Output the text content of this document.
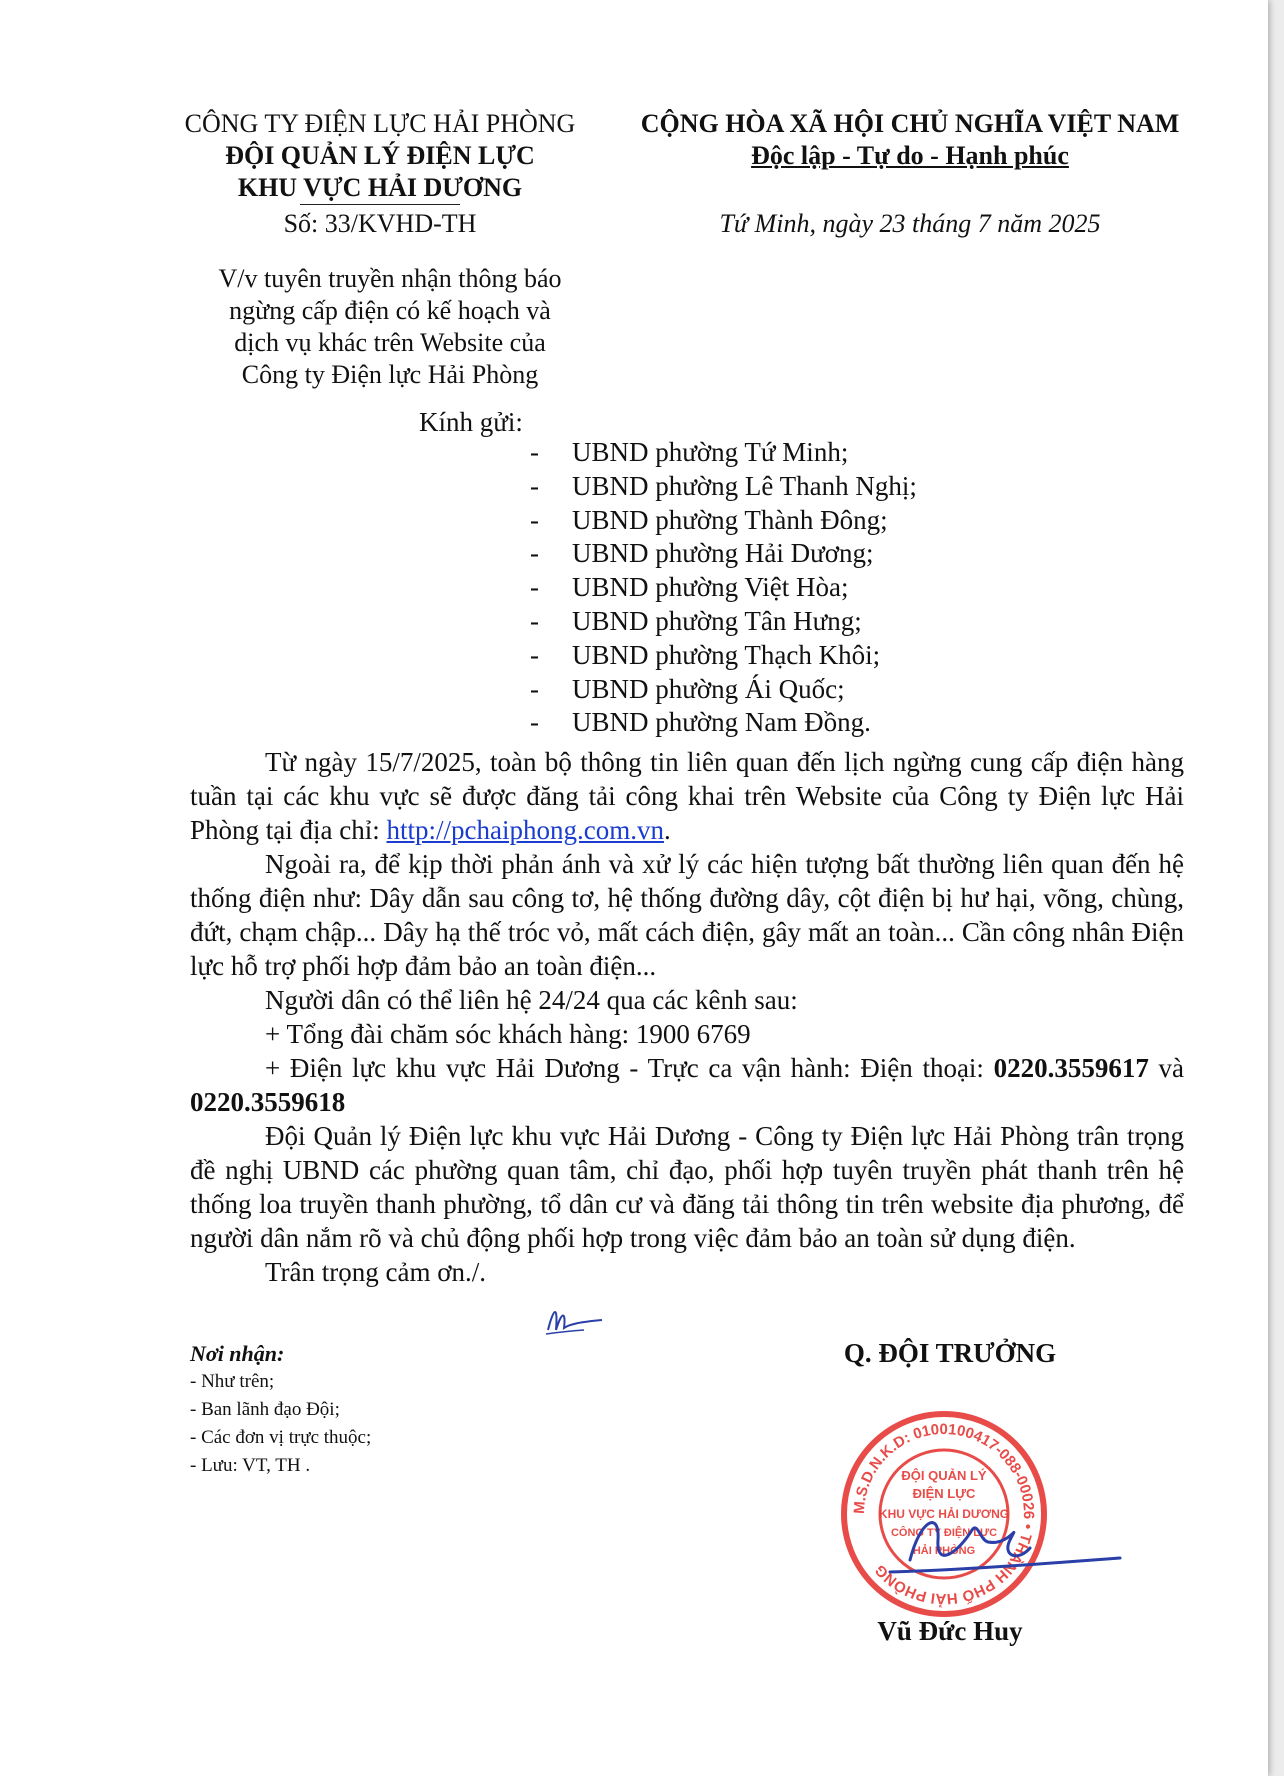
CÔNG TY ĐIỆN LỰC HẢI PHÒNG
ĐỘI QUẢN LÝ ĐIỆN LỰC
KHU VỰC HẢI DƯƠNG
Số: 33/KVHD-TH
V/v tuyên truyền nhận thông báo
ngừng cấp điện có kế hoạch và
dịch vụ khác trên Website của
Công ty Điện lực Hải Phòng
CỘNG HÒA XÃ HỘI CHỦ NGHĨA VIỆT NAM
Độc lập - Tự do - Hạnh phúc
Tứ Minh, ngày 23 tháng 7 năm 2025
Kính gửi:
- UBND phường Tứ Minh;
- UBND phường Lê Thanh Nghị;
- UBND phường Thành Đông;
- UBND phường Hải Dương;
- UBND phường Việt Hòa;
- UBND phường Tân Hưng;
- UBND phường Thạch Khôi;
- UBND phường Ái Quốc;
- UBND phường Nam Đồng.

Từ ngày 15/7/2025, toàn bộ thông tin liên quan đến lịch ngừng cung cấp điện hàng tuần tại các khu vực sẽ được đăng tải công khai trên Website của Công ty Điện lực Hải Phòng tại địa chỉ: http://pchaiphong.com.vn.

Ngoài ra, để kịp thời phản ánh và xử lý các hiện tượng bất thường liên quan đến hệ thống điện như: Dây dẫn sau công tơ, hệ thống đường dây, cột điện bị hư hại, võng, chùng, đứt, chạm chập... Dây hạ thế tróc vỏ, mất cách điện, gây mất an toàn... Cần công nhân Điện lực hỗ trợ phối hợp đảm bảo an toàn điện...

Người dân có thể liên hệ 24/24 qua các kênh sau:

+ Tổng đài chăm sóc khách hàng: 1900 6769

+ Điện lực khu vực Hải Dương - Trực ca vận hành: Điện thoại: 0220.3559617 và 0220.3559618

Đội Quản lý Điện lực khu vực Hải Dương - Công ty Điện lực Hải Phòng trân trọng đề nghị UBND các phường quan tâm, chỉ đạo, phối hợp tuyên truyền phát thanh trên hệ thống loa truyền thanh phường, tổ dân cư và đăng tải thông tin trên website địa phương, để người dân nắm rõ và chủ động phối hợp trong việc đảm bảo an toàn sử dụng điện.

Trân trọng cảm ơn./.

Nơi nhận:
- Như trên;
- Ban lãnh đạo Đội;
- Các đơn vị trực thuộc;
- Lưu: VT, TH .
Q. ĐỘI TRƯỞNG
M.S.D.N.K.D: 0100100417-088-00026 • THÀNH PHỐ HẢI PHÒNG
ĐỘI QUẢN LÝ
ĐIỆN LỰC
KHU VỰC HẢI DƯƠNG
CÔNG TY ĐIỆN LỰC
HẢI PHÒNG
Vũ Đức Huy
